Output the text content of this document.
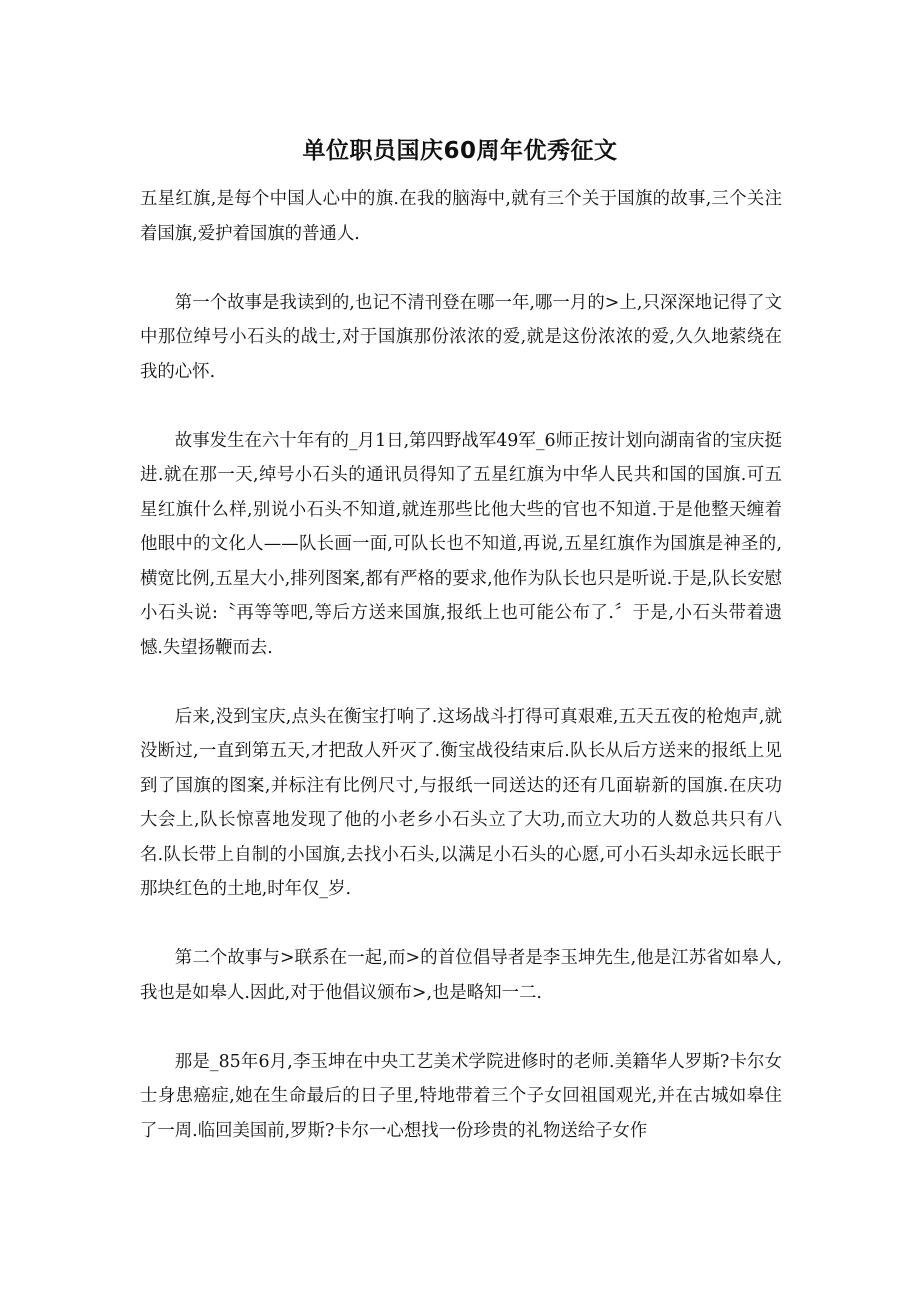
单位职员国庆60周年优秀征文

五星红旗,是每个中国人心中的旗.在我的脑海中,就有三个关于国旗的故事,三个关注着国旗,爱护着国旗的普通人.

第一个故事是我读到的,也记不清刊登在哪一年,哪一月的>上,只深深地记得了文中那位绰号小石头的战士,对于国旗那份浓浓的爱,就是这份浓浓的爱,久久地萦绕在我的心怀.

故事发生在六十年有的_月1日,第四野战军49军_6师正按计划向湖南省的宝庆挺进.就在那一天,绰号小石头的通讯员得知了五星红旗为中华人民共和国的国旗.可五星红旗什么样,别说小石头不知道,就连那些比他大些的官也不知道.于是他整天缠着他眼中的文化人——队长画一面,可队长也不知道,再说,五星红旗作为国旗是神圣的,横宽比例,五星大小,排列图案,都有严格的要求,他作为队长也只是听说.于是,队长安慰小石头说:〝再等等吧,等后方送来国旗,报纸上也可能公布了.〞于是,小石头带着遗憾.失望扬鞭而去.

后来,没到宝庆,点头在衡宝打响了.这场战斗打得可真艰难,五天五夜的枪炮声,就没断过,一直到第五天,才把敌人歼灭了.衡宝战役结束后.队长从后方送来的报纸上见到了国旗的图案,并标注有比例尺寸,与报纸一同送达的还有几面崭新的国旗.在庆功大会上,队长惊喜地发现了他的小老乡小石头立了大功,而立大功的人数总共只有八名.队长带上自制的小国旗,去找小石头,以满足小石头的心愿,可小石头却永远长眠于那块红色的土地,时年仅_岁.

第二个故事与>联系在一起,而>的首位倡导者是李玉坤先生,他是江苏省如皋人,我也是如皋人.因此,对于他倡议颁布>,也是略知一二.

那是_85年6月,李玉坤在中央工艺美术学院进修时的老师.美籍华人罗斯?卡尔女士身患癌症,她在生命最后的日子里,特地带着三个子女回祖国观光,并在古城如皋住了一周.临回美国前,罗斯?卡尔一心想找一份珍贵的礼物送给子女作
